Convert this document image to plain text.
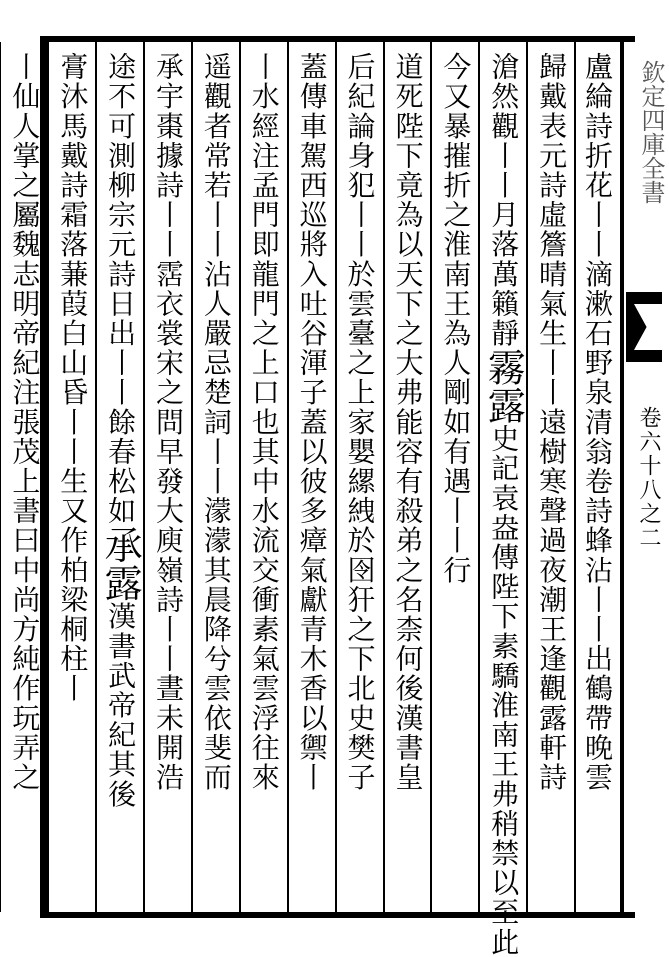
盧綸詩折花丨丨滴漱石野泉清翁卷詩蜂沾丨丨出鶴帶晚雲
歸戴表元詩虛簷晴氣生丨丨遠樹寒聲過夜潮王逢觀露軒詩
滄然觀丨丨月落萬籟靜霧露史記袁盎傳陛下素驕淮南王弗稍禁以至此
今又暴摧折之淮南王為人剛如有遇丨丨行
道死陛下竟為以天下之大弗能容有殺弟之名柰何後漢書皇
后紀論身犯丨丨於雲臺之上家嬰縲絏於囹犴之下北史樊子
蓋傳車駕西巡將入吐谷渾子蓋以彼多瘴氣獻青木香以禦丨
丨水經注孟門即龍門之上口也其中水流交衝素氣雲浮往來
遥觀者常若丨丨沾人嚴忌楚詞丨丨濛濛其晨降兮雲依斐而
承宇棗據詩丨丨霑衣裳宋之問早發大庾嶺詩丨丨晝未開浩
途不可測柳宗元詩日出丨丨餘春松如承露漢書武帝紀其後
膏沐馬戴詩霜落蒹葭白山昏丨丨生又作柏梁桐柱丨
丨仙人掌之屬魏志明帝紀注張茂上書曰中尚方純作玩弄之	欽定四庫全書
卷六十八之二
